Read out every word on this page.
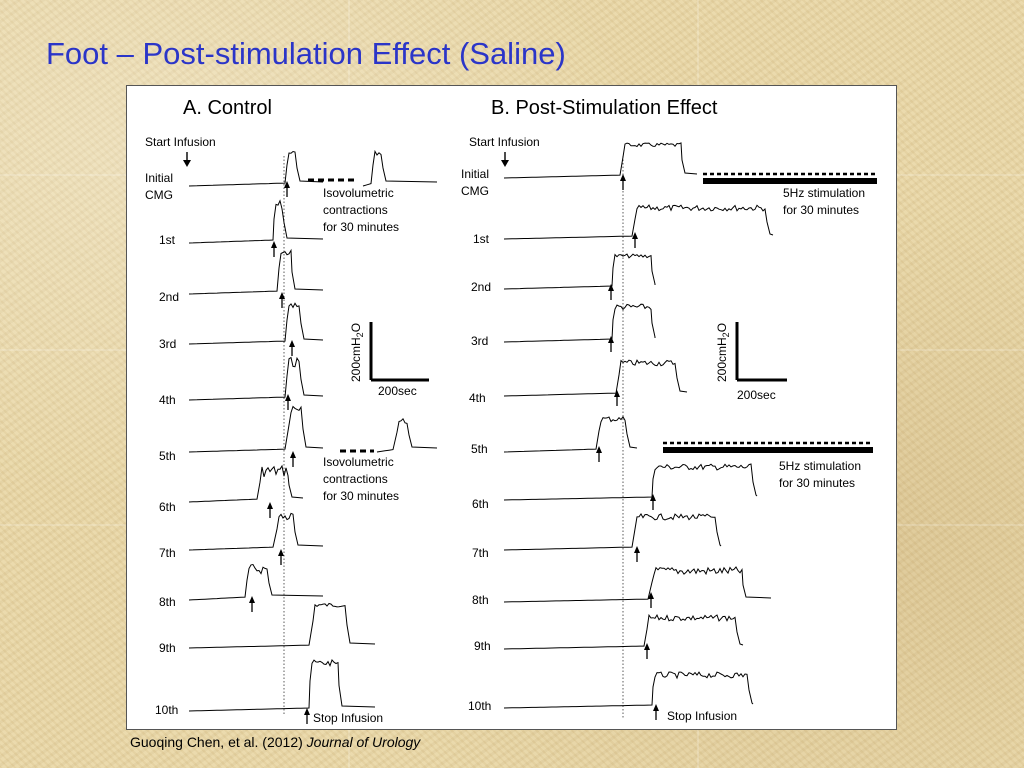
Foot – Post-stimulation Effect (Saline)
A. Control
Start Infusion
Initial
CMG
1st
2nd
3rd
4th
5th
6th
7th
8th
9th
10th
Isovolumetric
contractions
for 30 minutes
Isovolumetric
contractions
for 30 minutes
200cmH$_2$O
200sec
Stop Infusion
B. Post-Stimulation Effect
Start Infusion
Initial
CMG
1st
2nd
3rd
4th
5th
6th
7th
8th
9th
10th
5Hz stimulation
for 30 minutes
5Hz stimulation
for 30 minutes
200cmH$_2$O
200sec
Stop Infusion
Guoqing Chen, et al. (2012) Journal of Urology
